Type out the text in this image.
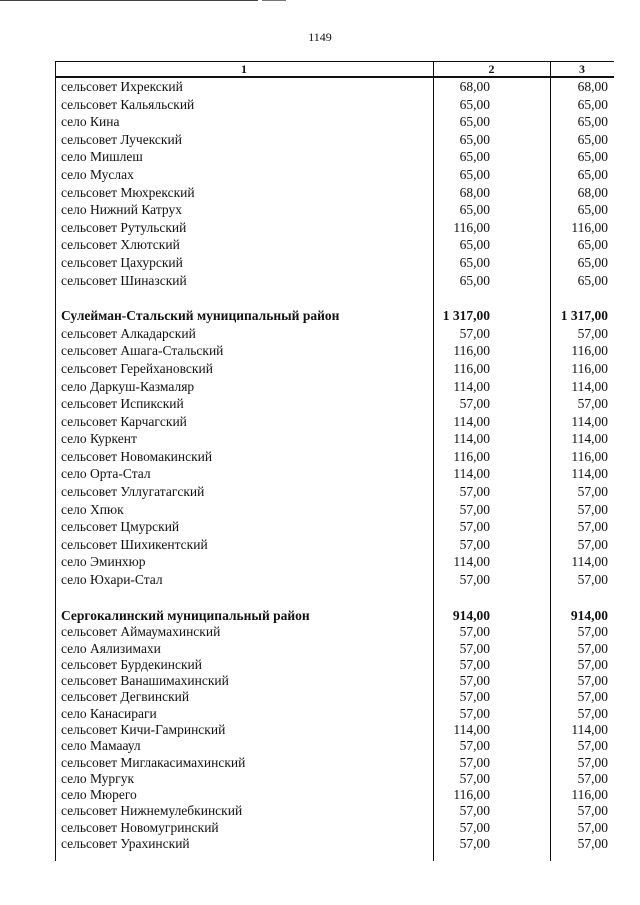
1149
1	2	3
сельсовет Ихрекский	68,00	68,00
сельсовет Кальяльский	65,00	65,00
село Кина	65,00	65,00
сельсовет Лучекский	65,00	65,00
село Мишлеш	65,00	65,00
село Муслах	65,00	65,00
сельсовет Мюхрекский	68,00	68,00
село Нижний Катрух	65,00	65,00
сельсовет Рутульский	116,00	116,00
сельсовет Хлютский	65,00	65,00
сельсовет Цахурский	65,00	65,00
сельсовет Шиназский	65,00	65,00
Сулейман-Стальский муниципальный район	1 317,00	1 317,00
сельсовет Алкадарский	57,00	57,00
сельсовет Ашага-Стальский	116,00	116,00
сельсовет Герейхановский	116,00	116,00
село Даркуш-Казмаляр	114,00	114,00
сельсовет Испикский	57,00	57,00
сельсовет Карчагский	114,00	114,00
село Куркент	114,00	114,00
сельсовет Новомакинский	116,00	116,00
село Орта-Стал	114,00	114,00
сельсовет Уллугатагский	57,00	57,00
село Хпюк	57,00	57,00
сельсовет Цмурский	57,00	57,00
сельсовет Шихикентский	57,00	57,00
село Эминхюр	114,00	114,00
село Юхари-Стал	57,00	57,00
Сергокалинский муниципальный район	914,00	914,00
сельсовет Аймаумахинский	57,00	57,00
село Аялизимахи	57,00	57,00
сельсовет Бурдекинский	57,00	57,00
сельсовет Ванашимахинский	57,00	57,00
сельсовет Дегвинский	57,00	57,00
село Канасираги	57,00	57,00
сельсовет Кичи-Гамринский	114,00	114,00
село Мамааул	57,00	57,00
сельсовет Миглакасимахинский	57,00	57,00
село Мургук	57,00	57,00
село Мюрего	116,00	116,00
сельсовет Нижнемулебкинский	57,00	57,00
сельсовет Новомугринский	57,00	57,00
сельсовет Урахинский	57,00	57,00
